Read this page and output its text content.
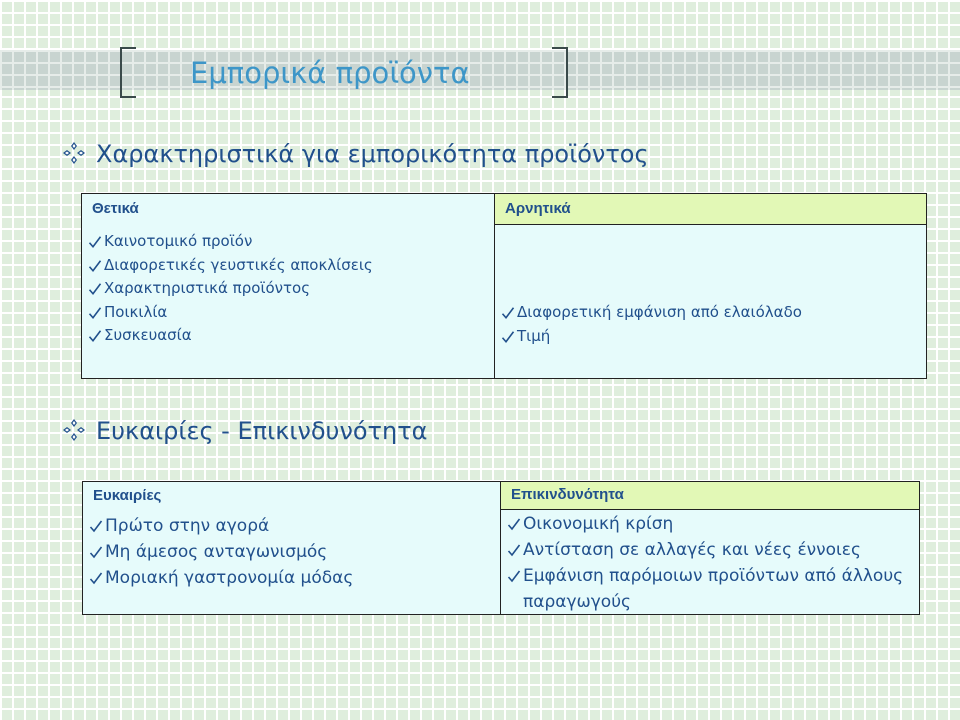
Εμπορικά προϊόντα
Χαρακτηριστικά για εμπορικότητα προϊόντος
Θετικά
Καινοτομικό προϊόν
Διαφορετικές γευστικές αποκλίσεις
Χαρακτηριστικά προϊόντος
Ποικιλία
Συσκευασία
Αρνητικά
Διαφορετική εμφάνιση από ελαιόλαδο
Τιμή
Ευκαιρίες - Επικινδυνότητα
Ευκαιρίες
Πρώτο στην αγορά
Μη άμεσος ανταγωνισμός
Μοριακή γαστρονομία μόδας
Επικινδυνότητα
Οικονομική κρίση
Αντίσταση σε αλλαγές και νέες έννοιες
Εμφάνιση παρόμοιων προϊόντων από άλλους παραγωγούς
